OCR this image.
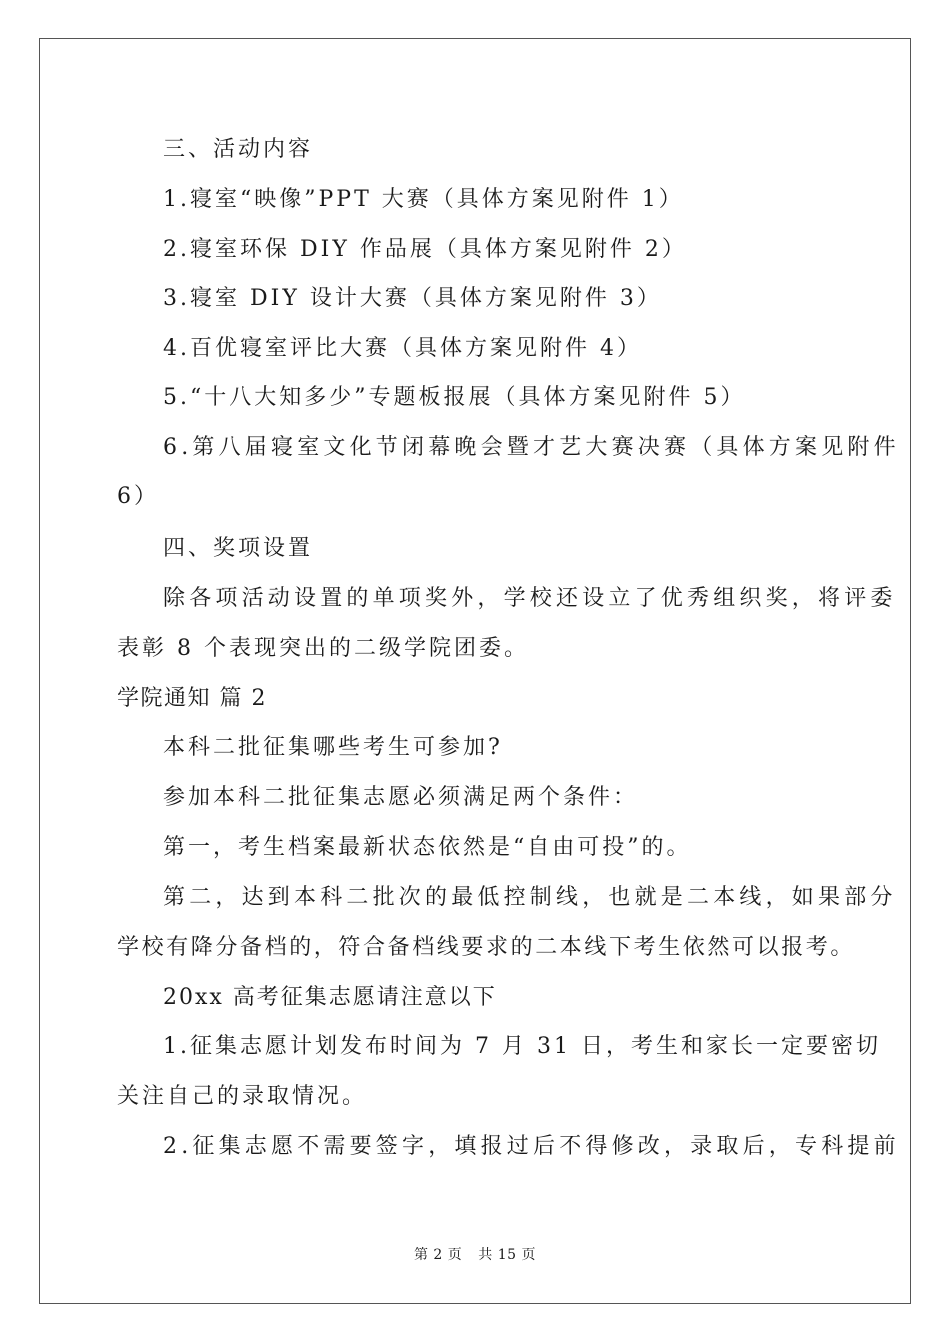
三、活动内容
1.寝室“映像”PPT 大赛（具体方案见附件 1）
2.寝室环保 DIY 作品展（具体方案见附件 2）
3.寝室 DIY 设计大赛（具体方案见附件 3）
4.百优寝室评比大赛（具体方案见附件 4）
5.“十八大知多少”专题板报展（具体方案见附件 5）
6.第八届寝室文化节闭幕晚会暨才艺大赛决赛（具体方案见附件
6）
四、奖项设置
除各项活动设置的单项奖外，学校还设立了优秀组织奖，将评委
表彰 8 个表现突出的二级学院团委。
学院通知 篇 2
本科二批征集哪些考生可参加?
参加本科二批征集志愿必须满足两个条件：
第一，考生档案最新状态依然是“自由可投”的。
第二，达到本科二批次的最低控制线，也就是二本线，如果部分
学校有降分备档的，符合备档线要求的二本线下考生依然可以报考。
20xx 高考征集志愿请注意以下
1.征集志愿计划发布时间为 7 月 31 日，考生和家长一定要密切
关注自己的录取情况。
2.征集志愿不需要签字，填报过后不得修改，录取后，专科提前
第 2 页 共 15 页
